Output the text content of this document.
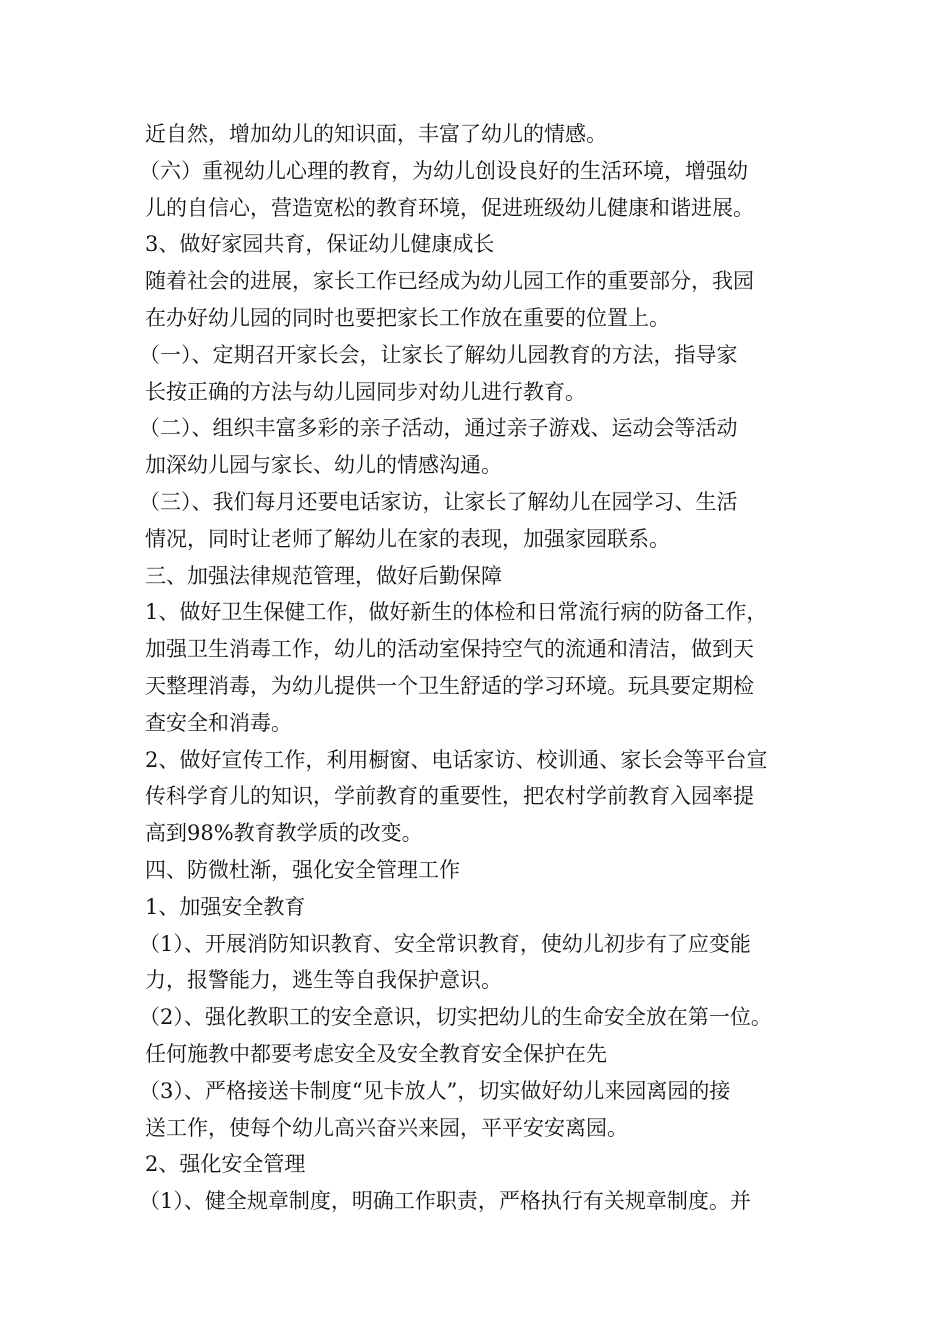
近自然，增加幼儿的知识面，丰富了幼儿的情感。
（六）重视幼儿心理的教育，为幼儿创设良好的生活环境，增强幼
儿的自信心，营造宽松的教育环境，促进班级幼儿健康和谐进展。
3、做好家园共育，保证幼儿健康成长
随着社会的进展，家长工作已经成为幼儿园工作的重要部分，我园
在办好幼儿园的同时也要把家长工作放在重要的位置上。
（一）、定期召开家长会，让家长了解幼儿园教育的方法，指导家
长按正确的方法与幼儿园同步对幼儿进行教育。
（二）、组织丰富多彩的亲子活动，通过亲子游戏、运动会等活动
加深幼儿园与家长、幼儿的情感沟通。
（三）、我们每月还要电话家访，让家长了解幼儿在园学习、生活
情况，同时让老师了解幼儿在家的表现，加强家园联系。
三、加强法律规范管理，做好后勤保障
1、做好卫生保健工作，做好新生的体检和日常流行病的防备工作，
加强卫生消毒工作，幼儿的活动室保持空气的流通和清洁，做到天
天整理消毒，为幼儿提供一个卫生舒适的学习环境。玩具要定期检
查安全和消毒。
2、做好宣传工作，利用橱窗、电话家访、校训通、家长会等平台宣
传科学育儿的知识，学前教育的重要性，把农村学前教育入园率提
高到98%教育教学质的改变。
四、防微杜渐，强化安全管理工作
1、加强安全教育
（1）、开展消防知识教育、安全常识教育，使幼儿初步有了应变能
力，报警能力，逃生等自我保护意识。
（2）、强化教职工的安全意识，切实把幼儿的生命安全放在第一位。
任何施教中都要考虑安全及安全教育安全保护在先
（3）、严格接送卡制度“见卡放人”，切实做好幼儿来园离园的接
送工作，使每个幼儿高兴奋兴来园，平平安安离园。
2、强化安全管理
（1）、健全规章制度，明确工作职责，严格执行有关规章制度。并
